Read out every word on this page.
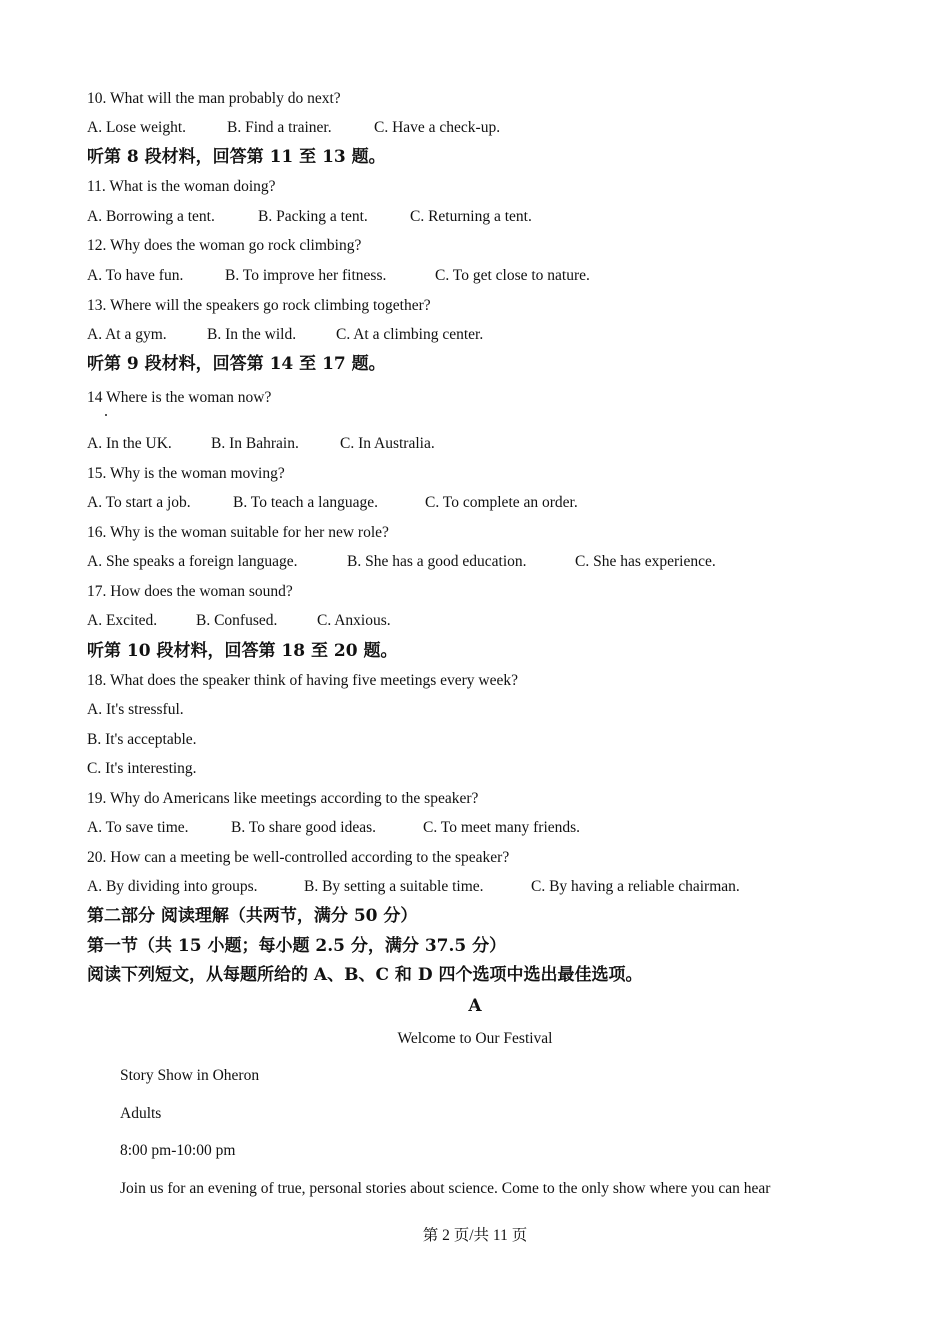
第 2 页/共 11 页
10. What will the man probably do next?
A. Lose weight.	B. Find a trainer.	C. Have a check-up.
听第 8 段材料，回答第 11 至 13 题。
11. What is the woman doing?
A. Borrowing a tent.	B. Packing a tent.	C. Returning a tent.
12. Why does the woman go rock climbing?
A. To have fun.	B. To improve her fitness.	C. To get close to nature.
13. Where will the speakers go rock climbing together?
A. At a gym.	B. In the wild.	C. At a climbing center.
听第 9 段材料，回答第 14 至 17 题。
14 Where is the woman now?
A. In the UK.	B. In Bahrain.	C. In Australia.
15. Why is the woman moving?
A. To start a job.	B. To teach a language.	C. To complete an order.
16. Why is the woman suitable for her new role?
A. She speaks a foreign language.	B. She has a good education.	C. She has experience.
17. How does the woman sound?
A. Excited.	B. Confused.	C. Anxious.
听第 10 段材料，回答第 18 至 20 题。
18. What does the speaker think of having five meetings every week?
A. It's stressful.
B. It's acceptable.
C. It's interesting.
19. Why do Americans like meetings according to the speaker?
A. To save time.	B. To share good ideas.	C. To meet many friends.
20. How can a meeting be well-controlled according to the speaker?
A. By dividing into groups.	B. By setting a suitable time.	C. By having a reliable chairman.
第二部分 阅读理解（共两节，满分 50 分）
第一节（共 15 小题；每小题 2.5 分，满分 37.5 分）
阅读下列短文，从每题所给的 A、B、C 和 D 四个选项中选出最佳选项。
A
Welcome to Our Festival
Story Show in Oheron
Adults
8:00 pm-10:00 pm
Join us for an evening of true, personal stories about science. Come to the only show where you can hear
